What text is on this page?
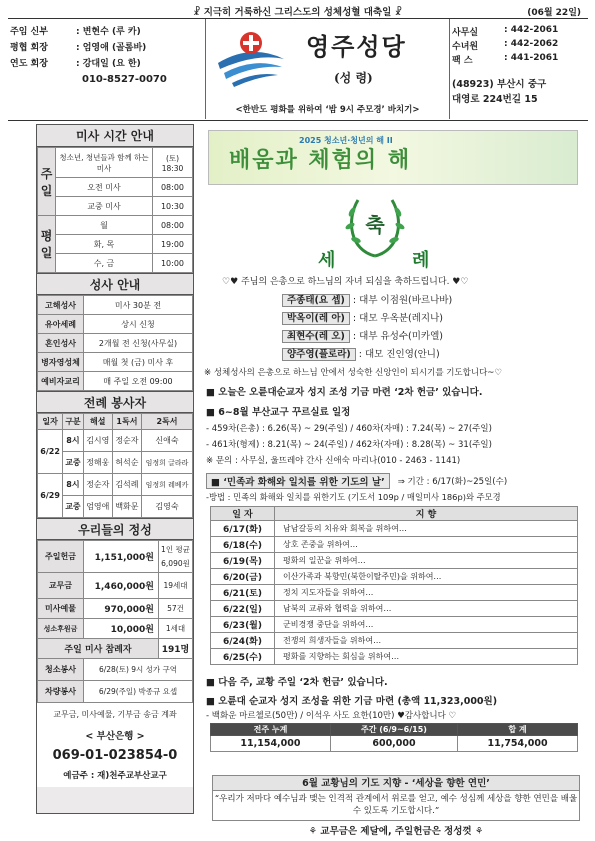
☧ 지극히 거룩하신 그리스도의 성체성혈 대축일 ☧	(06월 22일)
주임 신부	: 변현수 (루 카)
평협 회장	: 엄영애 (골롬바)
연도 회장	: 강대일 (요 한)
010-8527-0070
영주성당
(성 령)
<한반도 평화를 위하여 ‘밤 9시 주모경’ 바치기>
사무실	: 442-2061
수녀원	: 442-2062
팩 스	: 441-2061
(48923) 부산시 중구
대영로 224번길 15
미사 시간 안내
주일	청소년, 청년들과 함께 하는 미사	(토) 18:30
	오전 미사	08:00
	교중 미사	10:30
평일	월	08:00
	화, 목	19:00
	수, 금	10:00
성사 안내
고해성사	미사 30분 전
유아세례	상시 신청
혼인성사	2개월 전 신청(사무실)
병자영성체	매월 첫 (금) 미사 후
예비자교리	매 주일 오전 09:00
전례 봉사자
일자	구분	해설	1독서	2독서
6/22	8시	김시영	정순자	신애숙
	교중	정해웅	허석순	임정희 글라라
6/29	8시	정순자	김석례	임정희 레베카
	교중	엄영애	백화문	김영숙
우리들의 정성
주일헌금	1,151,000원	1인 평균
6,090원

교무금	1,460,000원	19세대
미사예물	970,000원	57건
성소후원금	10,000원	1세대
주일 미사 참례자		191명
청소봉사	6/28(토) 9시 성가 구역	
차량봉사	6/29(주일) 박종규 요셉	
교무금, 미사예물, 기부금 송금 계좌
< 부산은행 >
069-01-023854-0
예금주 : 재)천주교부산교구
2025 청소년·청년의 해 II
배움과 체험의 해
축
세	례
♡♥ 주님의 은총으로 하느님의 자녀 되심을 축하드립니다. ♥♡
주종태(요 셉) : 대부 이점원(바르나바)
박옥이(레 아) : 대모 우옥분(레지나)
최현수(레 오) : 대부 유성수(미카엘)
양주영(플로라) : 대모 진인영(안니)
※ 성체성사의 은총으로 하느님 안에서 성숙한 신앙인이 되시기를 기도합니다~♡
■ 오늘은 오륜대순교자 성지 조성 기금 마련 ‘2차 헌금’ 있습니다.
■ 6~8월 부산교구 꾸르실료 일정
- 459차(은총) : 6.26(목) ~ 29(주일) / 460차(자매) : 7.24(목) ~ 27(주일)
- 461차(형제) : 8.21(목) ~ 24(주일) / 462차(자매) : 8.28(목) ~ 31(주일)
※ 문의 : 사무실, 울뜨레야 간사 신애숙 마리나(010 - 2463 - 1141)
■ ‘민족과 화해와 일치를 위한 기도의 날’	⇒ 기간 : 6/17(화)~25일(수)
-방법 : 민족의 화해와 일치를 위한기도 (기도서 109p / 매일미사 186p)와 주모경
일 자	지 향
6/17(화)	남남갈등의 치유와 회복을 위하여…
6/18(수)	상호 존중을 위하여…
6/19(목)	평화의 일꾼을 위하여…
6/20(금)	이산가족과 북향민(북한이탈주민)을 위하여…
6/21(토)	정치 지도자들을 위하여…
6/22(일)	남북의 교류와 협력을 위하여…
6/23(월)	군비경쟁 중단을 위하여…
6/24(화)	전쟁의 희생자들을 위하여…
6/25(수)	평화를 지향하는 회심을 위하여…
■ 다음 주, 교황 주일 ‘2차 헌금’ 있습니다.
■ 오륜대 순교자 성지 조성을 위한 기금 마련 (총액 11,323,000원)
- 백화운 마르첼로(50만) / 이석우 사도 요한(10만) ♥감사합니다 ♡
전주 누계	주간 (6/9~6/15)	합 계
11,154,000	600,000	11,754,000
6월 교황님의 기도 지향 - ‘세상을 향한 연민’
“우리가 저마다 예수님과 맺는 인격적 관계에서 위로를 얻고, 예수 성심께 세상을 향한 연민을 배울 수 있도록 기도합시다.”
⚘ 교무금은 제달에, 주일헌금은 정성껏 ⚘
